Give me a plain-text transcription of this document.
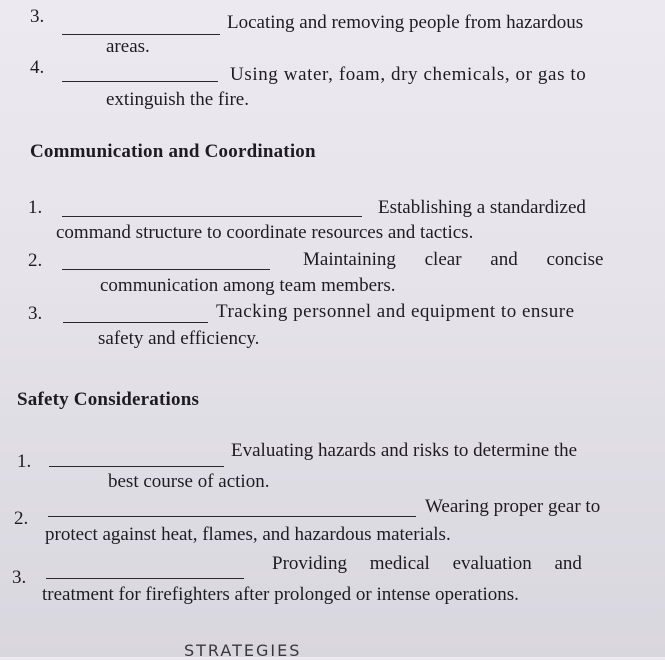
3.	Locating and removing people from hazardous
areas.
4.	Using water, foam, dry chemicals, or gas to
extinguish the fire.
Communication and Coordination
1.	Establishing a standardized
command structure to coordinate resources and tactics.
2.	Maintaining clear and concise
communication among team members.
3.	Tracking personnel and equipment to ensure
safety and efficiency.
Safety Considerations
1.
Evaluating hazards and risks to determine the
best course of action.
2.
Wearing proper gear to
protect against heat, flames, and hazardous materials.
3.
Providing medical evaluation and
treatment for firefighters after prolonged or intense operations.
STRATEGIES
